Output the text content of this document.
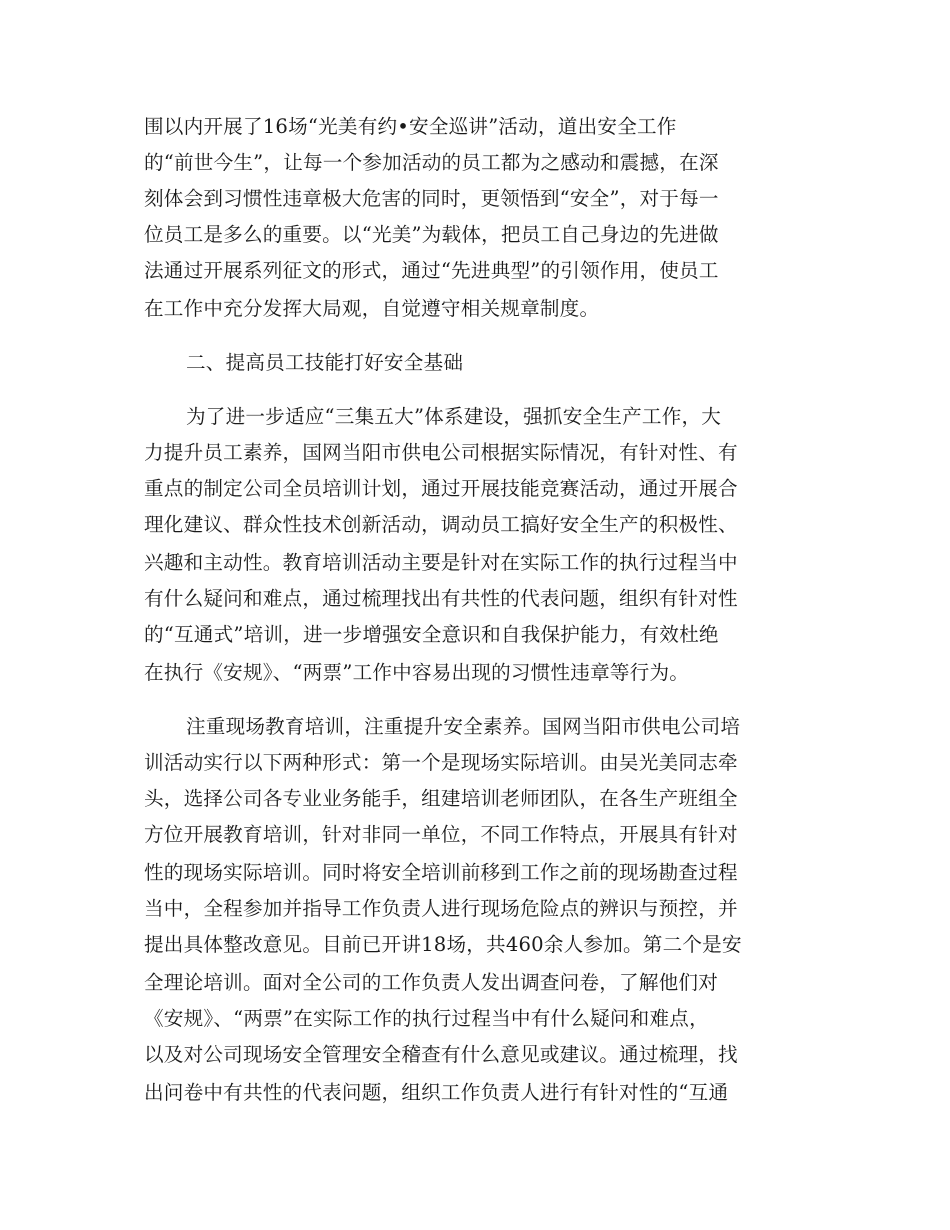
围以内开展了16场“光美有约•安全巡讲”活动，道出安全工作
的“前世今生”，让每一个参加活动的员工都为之感动和震撼，在深
刻体会到习惯性违章极大危害的同时，更领悟到“安全”，对于每一
位员工是多么的重要。以“光美”为载体，把员工自己身边的先进做
法通过开展系列征文的形式，通过“先进典型”的引领作用，使员工
在工作中充分发挥大局观，自觉遵守相关规章制度。
二、提高员工技能打好安全基础
为了进一步适应“三集五大”体系建设，强抓安全生产工作，大
力提升员工素养，国网当阳市供电公司根据实际情况，有针对性、有
重点的制定公司全员培训计划，通过开展技能竞赛活动，通过开展合
理化建议、群众性技术创新活动，调动员工搞好安全生产的积极性、
兴趣和主动性。教育培训活动主要是针对在实际工作的执行过程当中
有什么疑问和难点，通过梳理找出有共性的代表问题，组织有针对性
的“互通式”培训，进一步增强安全意识和自我保护能力，有效杜绝
在执行《安规》、“两票”工作中容易出现的习惯性违章等行为。
注重现场教育培训，注重提升安全素养。国网当阳市供电公司培
训活动实行以下两种形式：第一个是现场实际培训。由吴光美同志牵
头，选择公司各专业业务能手，组建培训老师团队，在各生产班组全
方位开展教育培训，针对非同一单位，不同工作特点，开展具有针对
性的现场实际培训。同时将安全培训前移到工作之前的现场勘查过程
当中，全程参加并指导工作负责人进行现场危险点的辨识与预控，并
提出具体整改意见。目前已开讲18场，共460余人参加。第二个是安
全理论培训。面对全公司的工作负责人发出调查问卷，了解他们对
《安规》、“两票”在实际工作的执行过程当中有什么疑问和难点，
以及对公司现场安全管理安全稽查有什么意见或建议。通过梳理，找
出问卷中有共性的代表问题，组织工作负责人进行有针对性的“互通
